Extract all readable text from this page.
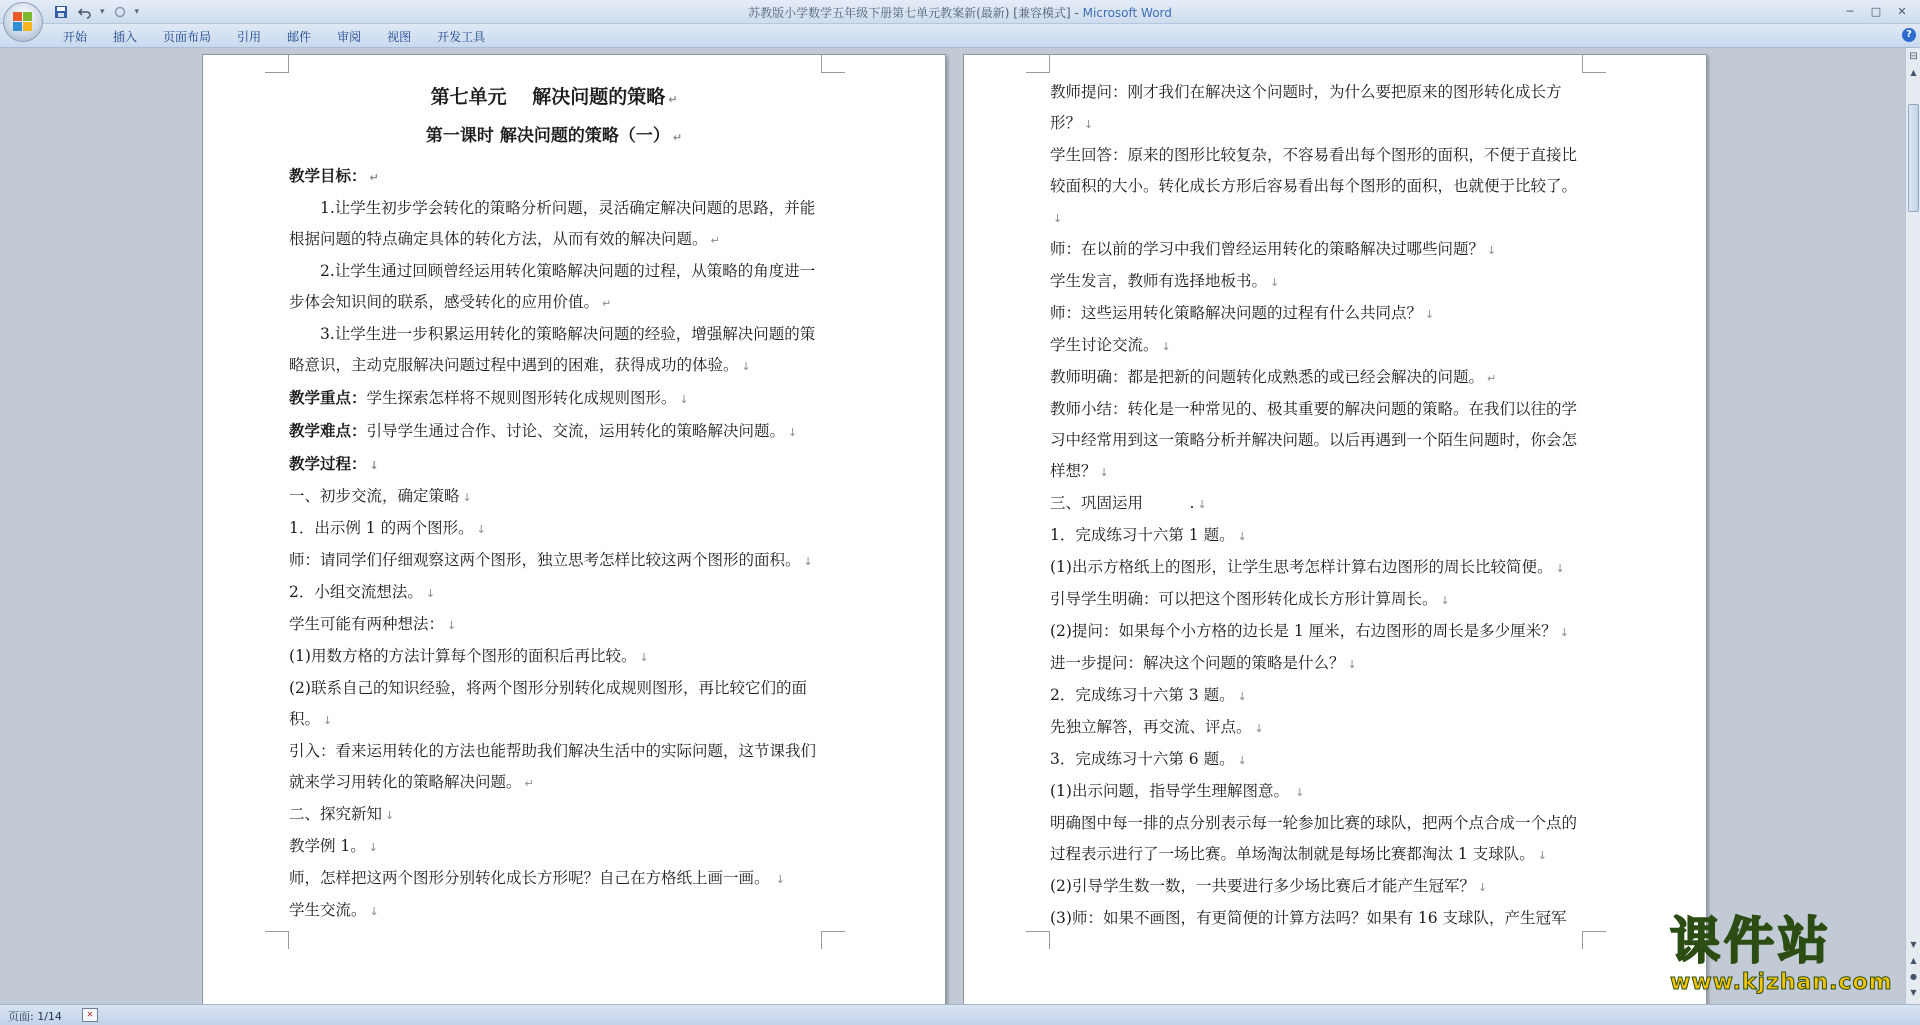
▾	▾	苏教版小学数学五年级下册第七单元教案新(最新) [兼容模式] - Microsoft Word	─	□	✕
开始	插入	页面布局	引用	邮件	审阅	视图	开发工具	?
第七单元　 解决问题的策略 ↵
第一课时 解决问题的策略（一） ↵
教学目标： ↵
1.让学生初步学会转化的策略分析问题，灵活确定解决问题的思路，并能根据问题的特点确定具体的转化方法，从而有效的解决问题。 ↵
2.让学生通过回顾曾经运用转化策略解决问题的过程，从策略的角度进一步体会知识间的联系，感受转化的应用价值。 ↵
3.让学生进一步积累运用转化的策略解决问题的经验，增强解决问题的策略意识，主动克服解决问题过程中遇到的困难，获得成功的体验。 ↓
教学重点：学生探索怎样将不规则图形转化成规则图形。 ↓
教学难点：引导学生通过合作、讨论、交流，运用转化的策略解决问题。 ↓
教学过程： ↓
一、初步交流，确定策略 ↓
1．出示例 1 的两个图形。 ↓
师：请同学们仔细观察这两个图形，独立思考怎样比较这两个图形的面积。 ↓
2．小组交流想法。 ↓
学生可能有两种想法： ↓
(1)用数方格的方法计算每个图形的面积后再比较。 ↓
(2)联系自己的知识经验，将两个图形分别转化成规则图形，再比较它们的面积。 ↓
引入：看来运用转化的方法也能帮助我们解决生活中的实际问题，这节课我们就来学习用转化的策略解决问题。 ↵
二、探究新知 ↓
教学例 1。 ↓
师，怎样把这两个图形分别转化成长方形呢？自己在方格纸上画一画。　↓
学生交流。 ↓
教师提问：刚才我们在解决这个问题时，为什么要把原来的图形转化成长方形？ ↓
学生回答：原来的图形比较复杂，不容易看出每个图形的面积，不便于直接比较面积的大小。转化成长方形后容易看出每个图形的面积，也就便于比较了。↓
师：在以前的学习中我们曾经运用转化的策略解决过哪些问题？ ↓
学生发言，教师有选择地板书。 ↓
师：这些运用转化策略解决问题的过程有什么共同点？ ↓
学生讨论交流。 ↓
教师明确：都是把新的问题转化成熟悉的或已经会解决的问题。 ↵
教师小结：转化是一种常见的、极其重要的解决问题的策略。在我们以往的学习中经常用到这一策略分析并解决问题。以后再遇到一个陌生问题时，你会怎样想？ ↓
三、巩固运用　　　. ↓
1．完成练习十六第 1 题。 ↓
(1)出示方格纸上的图形，让学生思考怎样计算右边图形的周长比较简便。 ↓
引导学生明确：可以把这个图形转化成长方形计算周长。 ↓
(2)提问：如果每个小方格的边长是 1 厘米，右边图形的周长是多少厘米？ ↓
进一步提问：解决这个问题的策略是什么？ ↓
2．完成练习十六第 3 题。 ↓
先独立解答，再交流、评点。 ↓
3．完成练习十六第 6 题。 ↓
(1)出示问题，指导学生理解图意。　↓
明确图中每一排的点分别表示每一轮参加比赛的球队，把两个点合成一个点的过程表示进行了一场比赛。单场淘汰制就是每场比赛都淘汰 1 支球队。 ↓
(2)引导学生数一数，一共要进行多少场比赛后才能产生冠军？ ↓
(3)师：如果不画图，有更简便的计算方法吗？如果有 16 支球队，产生冠军
⊟
▲
▼
▲
●
▼
页面: 1/14	✕
课件站
www.kjzhan.com
